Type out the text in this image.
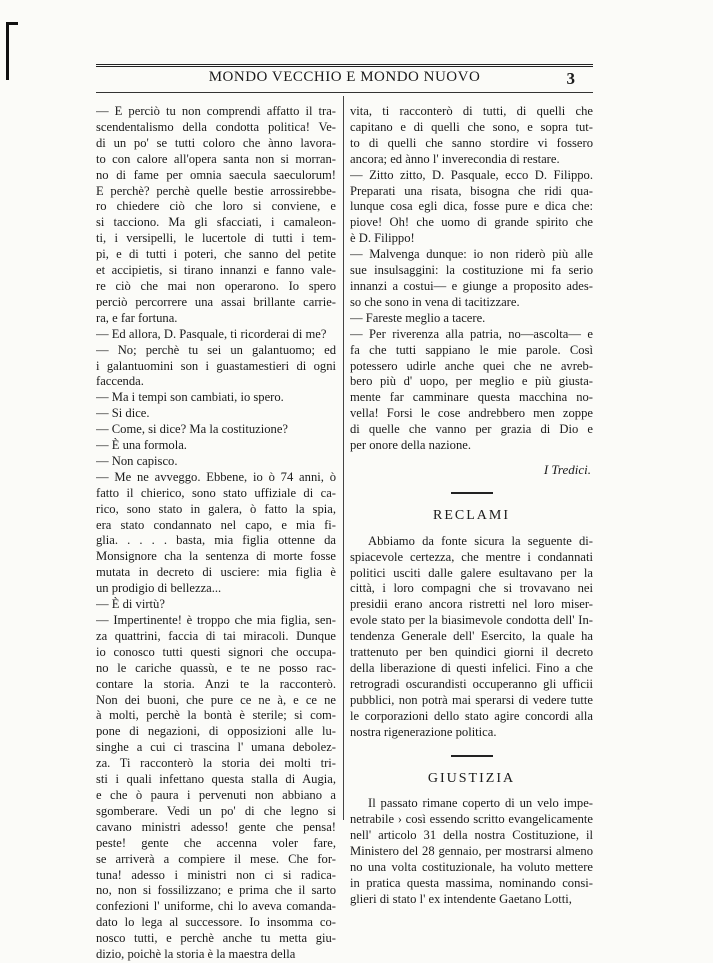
MONDO VECCHIO E MONDO NUOVO	3
— E perciò tu non comprendi affatto il tra-
scendentalismo della condotta politica! Ve-
di un po' se tutti coloro che ànno lavora-
to con calore all'opera santa non si morran-
no di fame per omnia saecula saeculorum!
E perchè? perchè quelle bestie arrossirebbe-
ro chiedere ciò che loro si conviene, e
si tacciono. Ma gli sfacciati, i camaleon-
ti, i versipelli, le lucertole di tutti i tem-
pi, e di tutti i poteri, che sanno del petite
et accipietis, si tirano innanzi e fanno vale-
re ciò che mai non operarono. Io spero
perciò percorrere una assai brillante carrie-
ra, e far fortuna.
— Ed allora, D. Pasquale, ti ricorderai di me?
— No; perchè tu sei un galantuomo; ed
i galantuomini son i guastamestieri di ogni
faccenda.
— Ma i tempi son cambiati, io spero.
— Si dice.
— Come, si dice? Ma la costituzione?
— È una formola.
— Non capisco.
— Me ne avveggo. Ebbene, io ò 74 anni, ò
fatto il chierico, sono stato uffiziale di ca-
rico, sono stato in galera, ò fatto la spia,
era stato condannato nel capo, e mia fi-
glia. . . . . basta, mia figlia ottenne da
Monsignore cha la sentenza di morte fosse
mutata in decreto di usciere: mia figlia è
un prodigio di bellezza...
— È di virtù?
— Impertinente! è troppo che mia figlia, sen-
za quattrini, faccia di tai miracoli. Dunque
io conosco tutti questi signori che occupa-
no le cariche quassù, e te ne posso rac-
contare la storia. Anzi te la racconterò.
Non dei buoni, che pure ce ne à, e ce ne
à molti, perchè la bontà è sterile; si com-
pone di negazioni, di opposizioni alle lu-
singhe a cui ci trascina l' umana debolez-
za. Ti racconterò la storia dei molti tri-
sti i quali infettano questa stalla di Augia,
e che ò paura i pervenuti non abbiano a
sgomberare. Vedi un po' di che legno si
cavano ministri adesso! gente che pensa!
peste! gente che accenna voler fare,
se arriverà a compiere il mese. Che for-
tuna! adesso i ministri non ci si radica-
no, non si fossilizzano; e prima che il sarto
confezioni l' uniforme, chi lo aveva comanda-
dato lo lega al successore. Io insomma co-
nosco tutti, e perchè anche tu metta giu-
dizio, poichè la storia è la maestra della
vita, ti racconterò di tutti, di quelli che
capitano e di quelli che sono, e sopra tut-
to di quelli che sanno stordire vi fossero
ancora; ed ànno l' inverecondia di restare.
— Zitto zitto, D. Pasquale, ecco D. Filippo.
Preparati una risata, bisogna che ridi qua-
lunque cosa egli dica, fosse pure e dica che:
piove! Oh! che uomo di grande spirito che
è D. Filippo!
— Malvenga dunque: io non riderò più alle
sue insulsaggini: la costituzione mi fa serio
innanzi a costui— e giunge a proposito ades-
so che sono in vena di tacitizzare.
— Fareste meglio a tacere.
— Per riverenza alla patria, no—ascolta— e
fa che tutti sappiano le mie parole. Così
potessero udirle anche quei che ne avreb-
bero più d' uopo, per meglio e più giusta-
mente far camminare questa macchina no-
vella! Forsi le cose andrebbero men zoppe
di quelle che vanno per grazia di Dio e
per onore della nazione.
I Tredici.
RECLAMI
Abbiamo da fonte sicura la seguente di-
spiacevole certezza, che mentre i condannati
politici usciti dalle galere esultavano per la
città, i loro compagni che si trovavano nei
presidii erano ancora ristretti nel loro miser-
evole stato per la biasimevole condotta dell' In-
tendenza Generale dell' Esercito, la quale ha
trattenuto per ben quindici giorni il decreto
della liberazione di questi infelici. Fino a che
retrogradi oscurandisti occuperanno gli ufficii
pubblici, non potrà mai sperarsi di vedere tutte
le corporazioni dello stato agire concordi alla
nostra rigenerazione politica.
GIUSTIZIA
Il passato rimane coperto di un velo impe-
netrabile › così essendo scritto evangelicamente
nell' articolo 31 della nostra Costituzione, il
Ministero del 28 gennaio, per mostrarsi almeno
no una volta costituzionale, ha voluto mettere
in pratica questa massima, nominando consi-
glieri di stato l' ex intendente Gaetano Lotti,
